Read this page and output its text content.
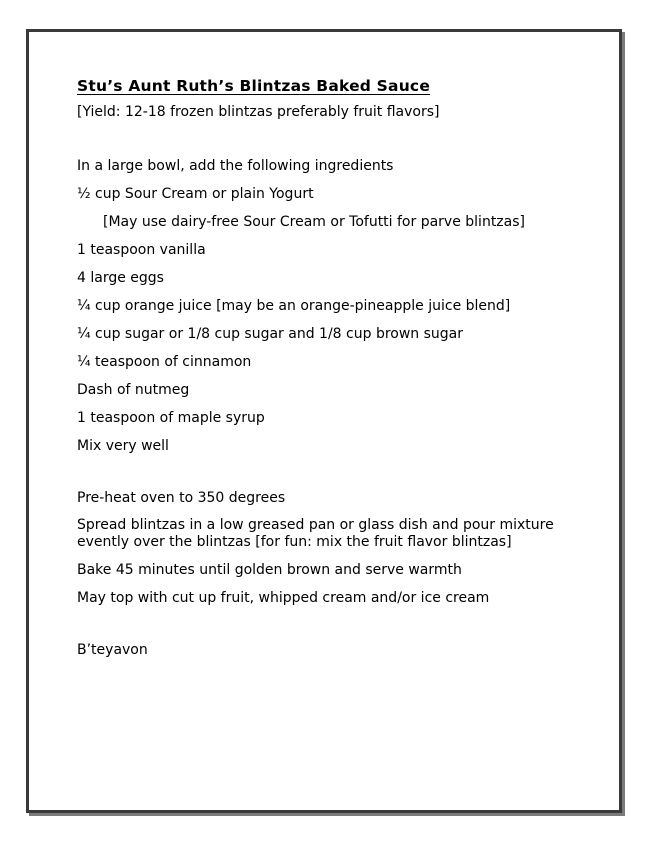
Stu’s Aunt Ruth’s Blintzas Baked Sauce

[Yield: 12-18 frozen blintzas preferably fruit flavors]

In a large bowl, add the following ingredients

½ cup Sour Cream or plain Yogurt

[May use dairy-free Sour Cream or Tofutti for parve blintzas]

1 teaspoon vanilla

4 large eggs

¼ cup orange juice [may be an orange-pineapple juice blend]

¼ cup sugar or 1/8 cup sugar and 1/8 cup brown sugar

¼ teaspoon of cinnamon

Dash of nutmeg

1 teaspoon of maple syrup

Mix very well

Pre-heat oven to 350 degrees

Spread blintzas in a low greased pan or glass dish and pour mixture evently over the blintzas [for fun: mix the fruit flavor blintzas]

Bake 45 minutes until golden brown and serve warmth

May top with cut up fruit, whipped cream and/or ice cream

B’teyavon
